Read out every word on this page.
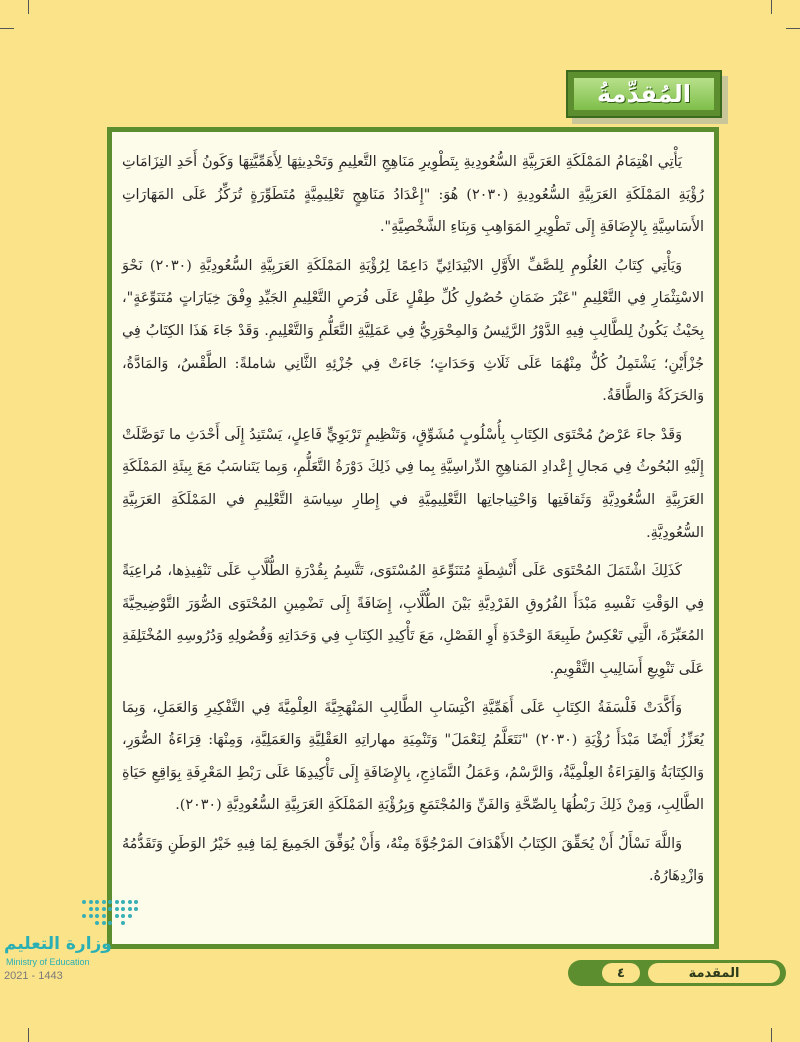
المُقدِّمةُ

يَأْتِي اهْتِمَامُ المَمْلَكَةِ العَرَبِيَّةِ السُّعُودِيةِ بِتَطْوِيرِ مَنَاهِجِ التَّعلِيمِ وَتَحْدِيثِهَا لِأَهَمِّيَّتِهَا وَكَونُ أَحَدِ التِزَامَاتِ رُؤْيَةِ المَمْلَكَةِ العَرَبِيَّةِ السُّعُودِيةِ (٢٠٣٠) هُوَ: "إِعْدَادُ مَنَاهِجٍ تَعْلِيمِيَّةٍ مُتَطَوِّرَةٍ تُرَكِّزُ عَلَى المَهَارَاتِ الأَسَاسِيَّةِ بِالإِضَافَةِ إِلَى تَطْوِيرِ المَوَاهِبِ وَبِنَاءِ الشَّخْصِيَّةِ".

وَيَأْتِي كِتَابُ العُلُومِ لِلصَّفِّ الأَوَّلِ الابْتِدَائِيِّ دَاعِمًا لِرُؤْيَةِ المَمْلَكَةِ العَرَبِيَّةِ السُّعُودِيَّةِ (٢٠٣٠) نَحْوَ الاسْتِثْمَارِ فِي التَّعْلِيمِ "عَبْرَ ضَمَانِ حُصُولِ كُلِّ طِفْلٍ عَلَى فُرَصِ التَّعْلِيمِ الجَيِّدِ وِفْقَ خِيَارَاتٍ مُتَنَوِّعَةٍ"، بِحَيْثُ يَكُونُ لِلطَّالِبِ فِيهِ الدَّوْرُ الرَّئِيسُ وَالمِحْوَرِيُّ فِي عَمَلِيَّةِ التَّعَلُّمِ وَالتَّعْلِيمِ. وَقَدْ جَاءَ هَذَا الكِتَابُ فِي جُزْأَيْنِ؛ يَشْتَمِلُ كُلٌّ مِنْهُمَا عَلَى ثَلَاثِ وَحَدَاتٍ؛ جَاءَتْ فِي جُزْئِهِ الثَّانِي شاملةً: الطَّقْسُ، وَالمَادَّةُ، وَالحَرَكَةُ وَالطَّاقَةُ.

وَقَدْ جاءَ عَرْضُ مُحْتَوَى الكِتَابِ بِأُسْلُوبٍ مُشَوِّقٍ، وَتَنْظِيمٍ تَرْبَوِيٍّ فَاعِلٍ، يَسْتَنِدُ إِلَى أَحْدَثِ ما تَوَصَّلَتْ إِلَيْهِ البُحُوثُ فِي مَجالِ إِعْدادِ المَناهِجِ الدِّراسِيَّةِ بِما فِي ذَلِكَ دَوْرَةُ التَّعَلُّمِ، وَبِما يَتَناسَبُ مَعَ بِيئَةِ المَمْلَكَةِ العَرَبِيَّةِ السُّعُودِيَّةِ وَثَقافَتِها وَاحْتِياجاتِها التَّعْلِيمِيَّةِ في إِطارِ سِياسَةِ التَّعْلِيمِ في المَمْلَكَةِ العَرَبِيَّةِ السُّعُودِيَّةِ.

كَذَلِكَ اشْتَمَلَ المُحْتَوَى عَلَى أَنْشِطَةٍ مُتَنَوِّعَةِ المُسْتَوَى، تَتَّسِمُ بِقُدْرَةِ الطُّلَّابِ عَلَى تَنْفِيذِها، مُراعِيَةً فِي الوَقْتِ نَفْسِهِ مَبْدَأَ الفُرُوقِ الفَرْدِيَّةِ بَيْنَ الطُّلَّابِ، إِضَافَةً إِلَى تَضْمِينِ المُحْتَوَى الصُّوَرَ التَّوْضِيحِيَّةَ المُعَبِّرَةَ، الَّتِي تَعْكِسُ طَبِيعَةَ الوَحْدَةِ أَوِ الفَصْلِ، مَعَ تَأْكِيدِ الكِتَابِ فِي وَحَدَاتِهِ وَفُصُولِهِ وَدُرُوسِهِ المُخْتَلِفَةِ عَلَى تَنْوِيعِ أَسَالِيبِ التَّقْوِيمِ.

وَأَكَّدَتْ فَلْسَفَةُ الكِتَابِ عَلَى أَهَمِّيَّةِ اكْتِسَابِ الطَّالِبِ المَنْهَجِيَّةَ العِلْمِيَّةَ فِي التَّفْكِيرِ وَالعَمَلِ، وَبِمَا يُعَزِّزُ أَيْضًا مَبْدَأَ رُؤْيَةِ (٢٠٣٠) "نَتَعَلَّمُ لِنَعْمَلَ" وَتَنْمِيَةِ مهاراتِهِ العَقْلِيَّةِ وَالعَمَلِيَّةِ، وَمِنْهَا: قِرَاءَةُ الصُّوَرِ، وَالكِتَابَةُ وَالقِرَاءَةُ العِلْمِيَّةُ، وَالرَّسْمُ، وَعَمَلُ النَّمَاذِجِ، بِالإِضَافَةِ إِلَى تَأْكِيدِهَا عَلَى رَبْطِ المَعْرِفَةِ بِوَاقِعِ حَيَاةِ الطَّالِبِ، وَمِنْ ذَلِكَ رَبْطُهَا بِالصِّحَّةِ وَالفَنِّ وَالمُجْتَمَعِ وَبِرُؤْيَةِ المَمْلَكَةِ العَرَبِيَّةِ السُّعُودِيَّةِ (٢٠٣٠).

وَاللَّهَ نَسْأَلُ أَنْ يُحَقِّقَ الكِتَابُ الأَهْدَافَ المَرْجُوَّةَ مِنْهُ، وَأَنْ يُوَفِّقَ الجَمِيعَ لِمَا فِيهِ خَيْرُ الوَطَنِ وَتَقَدُّمُهُ وَازْدِهَارُهُ.

وزارة التعليم
Ministry of Education
2021 - 1443	٤	المقدمة
